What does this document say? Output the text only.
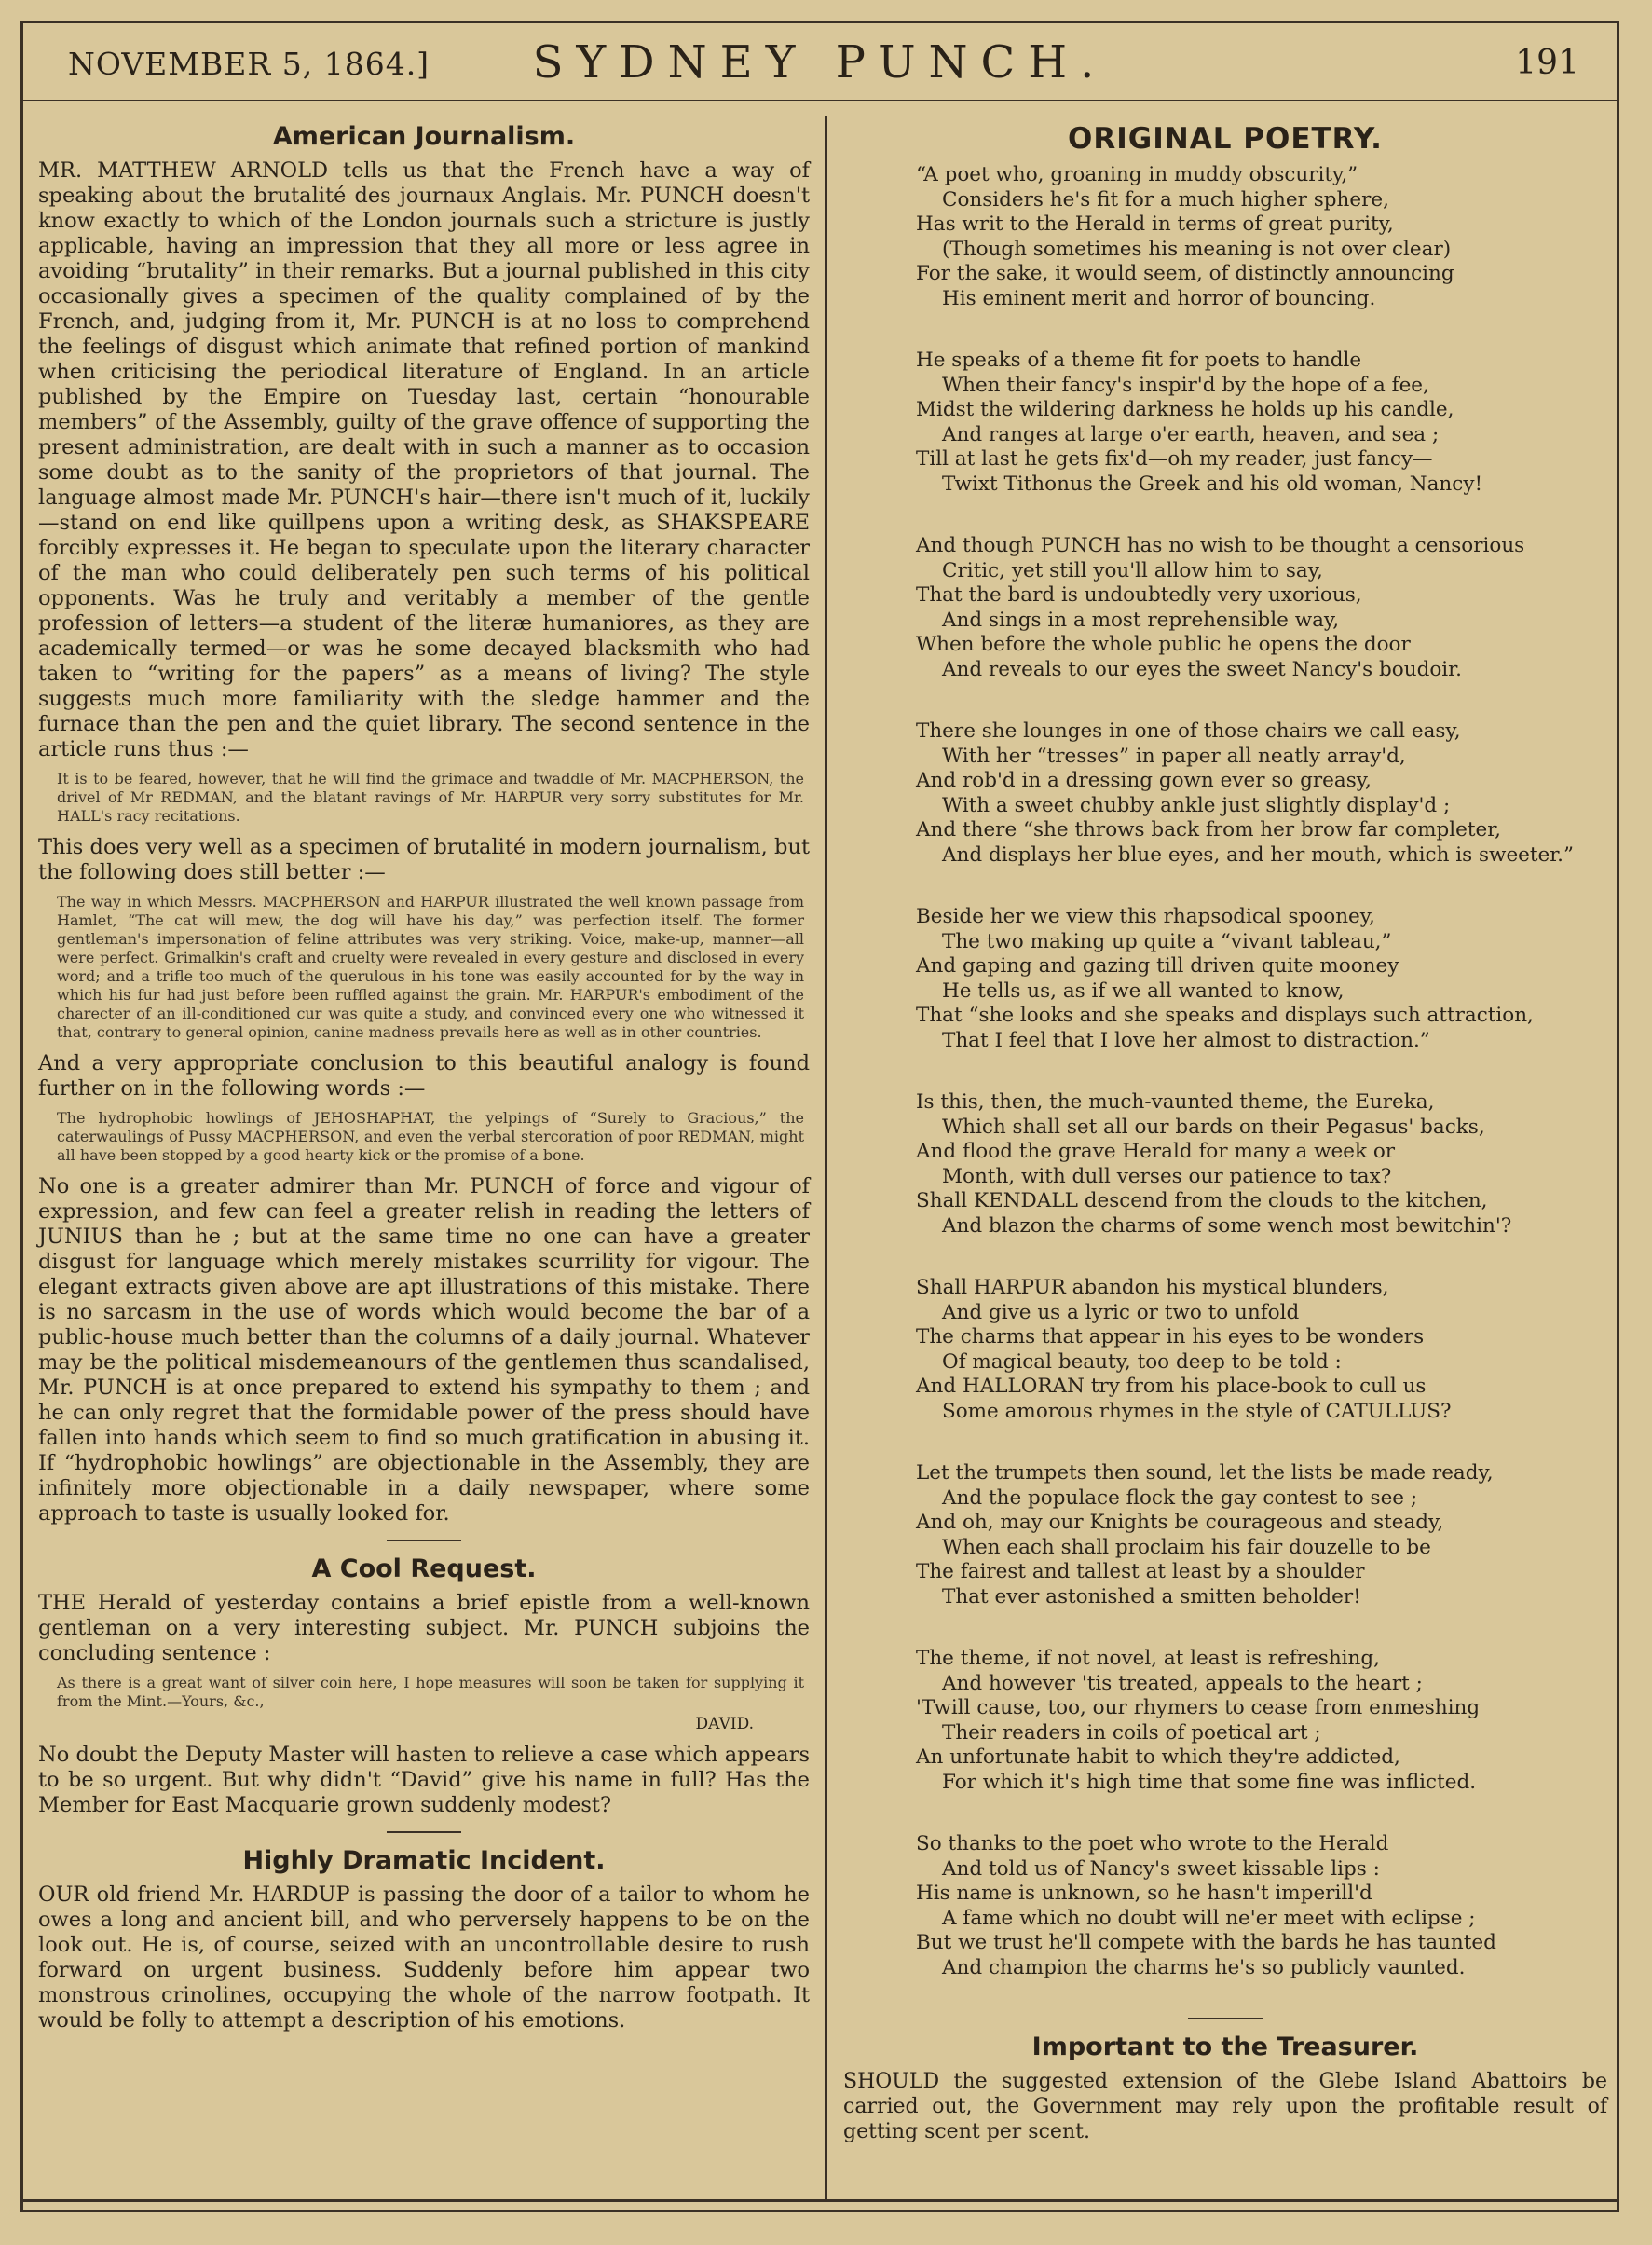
NOVEMBER 5, 1864.]	SYDNEY PUNCH.	191
American Journalism.

MR. MATTHEW ARNOLD tells us that the French have a way of speaking about the brutalité des journaux Anglais. Mr. PUNCH doesn't know exactly to which of the London journals such a stricture is justly applicable, having an impression that they all more or less agree in avoiding “brutality” in their remarks. But a journal published in this city occasionally gives a specimen of the quality complained of by the French, and, judging from it, Mr. PUNCH is at no loss to comprehend the feelings of disgust which animate that refined portion of mankind when criticising the periodical literature of England. In an article published by the Empire on Tuesday last, certain “honourable members” of the Assembly, guilty of the grave offence of supporting the present administration, are dealt with in such a manner as to occasion some doubt as to the sanity of the proprietors of that journal. The language almost made Mr. PUNCH's hair—there isn't much of it, luckily—stand on end like quillpens upon a writing desk, as SHAKSPEARE forcibly expresses it. He began to speculate upon the literary character of the man who could deliberately pen such terms of his political opponents. Was he truly and veritably a member of the gentle profession of letters—a student of the literæ humaniores, as they are academically termed—or was he some decayed blacksmith who had taken to “writing for the papers” as a means of living? The style suggests much more familiarity with the sledge hammer and the furnace than the pen and the quiet library. The second sentence in the article runs thus :—

It is to be feared, however, that he will find the grimace and twaddle of Mr. MACPHERSON, the drivel of Mr REDMAN, and the blatant ravings of Mr. HARPUR very sorry substitutes for Mr. HALL's racy recitations.

This does very well as a specimen of brutalité in modern journalism, but the following does still better :—

The way in which Messrs. MACPHERSON and HARPUR illustrated the well known passage from Hamlet, “The cat will mew, the dog will have his day,” was perfection itself. The former gentleman's impersonation of feline attributes was very striking. Voice, make-up, manner—all were perfect. Grimalkin's craft and cruelty were revealed in every gesture and disclosed in every word; and a trifle too much of the querulous in his tone was easily accounted for by the way in which his fur had just before been ruffled against the grain. Mr. HARPUR's embodiment of the charecter of an ill-conditioned cur was quite a study, and convinced every one who witnessed it that, contrary to general opinion, canine madness prevails here as well as in other countries.

And a very appropriate conclusion to this beautiful analogy is found further on in the following words :—

The hydrophobic howlings of JEHOSHAPHAT, the yelpings of “Surely to Gracious,” the caterwaulings of Pussy MACPHERSON, and even the verbal stercoration of poor REDMAN, might all have been stopped by a good hearty kick or the promise of a bone.

No one is a greater admirer than Mr. PUNCH of force and vigour of expression, and few can feel a greater relish in reading the letters of JUNIUS than he ; but at the same time no one can have a greater disgust for language which merely mistakes scurrility for vigour. The elegant extracts given above are apt illustrations of this mistake. There is no sarcasm in the use of words which would become the bar of a public-house much better than the columns of a daily journal. Whatever may be the political misdemeanours of the gentlemen thus scandalised, Mr. PUNCH is at once prepared to extend his sympathy to them ; and he can only regret that the formidable power of the press should have fallen into hands which seem to find so much gratification in abusing it. If “hydrophobic howlings” are objectionable in the Assembly, they are infinitely more objectionable in a daily newspaper, where some approach to taste is usually looked for.

A Cool Request.

THE Herald of yesterday contains a brief epistle from a well-known gentleman on a very interesting subject. Mr. PUNCH subjoins the concluding sentence :

As there is a great want of silver coin here, I hope measures will soon be taken for supplying it from the Mint.—Yours, &c.,

DAVID.

No doubt the Deputy Master will hasten to relieve a case which appears to be so urgent. But why didn't “David” give his name in full? Has the Member for East Macquarie grown suddenly modest?

Highly Dramatic Incident.

OUR old friend Mr. HARDUP is passing the door of a tailor to whom he owes a long and ancient bill, and who perversely happens to be on the look out. He is, of course, seized with an uncontrollable desire to rush forward on urgent business. Suddenly before him appear two monstrous crinolines, occupying the whole of the narrow footpath. It would be folly to attempt a description of his emotions.

ORIGINAL POETRY.
“A poet who, groaning in muddy obscurity,”
Considers he's fit for a much higher sphere,
Has writ to the Herald in terms of great purity,
(Though sometimes his meaning is not over clear)
For the sake, it would seem, of distinctly announcing
His eminent merit and horror of bouncing.
He speaks of a theme fit for poets to handle
When their fancy's inspir'd by the hope of a fee,
Midst the wildering darkness he holds up his candle,
And ranges at large o'er earth, heaven, and sea ;
Till at last he gets fix'd—oh my reader, just fancy—
Twixt Tithonus the Greek and his old woman, Nancy!
And though PUNCH has no wish to be thought a censorious
Critic, yet still you'll allow him to say,
That the bard is undoubtedly very uxorious,
And sings in a most reprehensible way,
When before the whole public he opens the door
And reveals to our eyes the sweet Nancy's boudoir.
There she lounges in one of those chairs we call easy,
With her “tresses” in paper all neatly array'd,
And rob'd in a dressing gown ever so greasy,
With a sweet chubby ankle just slightly display'd ;
And there “she throws back from her brow far completer,
And displays her blue eyes, and her mouth, which is sweeter.”
Beside her we view this rhapsodical spooney,
The two making up quite a “vivant tableau,”
And gaping and gazing till driven quite mooney
He tells us, as if we all wanted to know,
That “she looks and she speaks and displays such attraction,
That I feel that I love her almost to distraction.”
Is this, then, the much-vaunted theme, the Eureka,
Which shall set all our bards on their Pegasus' backs,
And flood the grave Herald for many a week or
Month, with dull verses our patience to tax?
Shall KENDALL descend from the clouds to the kitchen,
And blazon the charms of some wench most bewitchin'?
Shall HARPUR abandon his mystical blunders,
And give us a lyric or two to unfold
The charms that appear in his eyes to be wonders
Of magical beauty, too deep to be told :
And HALLORAN try from his place-book to cull us
Some amorous rhymes in the style of CATULLUS?
Let the trumpets then sound, let the lists be made ready,
And the populace flock the gay contest to see ;
And oh, may our Knights be courageous and steady,
When each shall proclaim his fair douzelle to be
The fairest and tallest at least by a shoulder
That ever astonished a smitten beholder!
The theme, if not novel, at least is refreshing,
And however 'tis treated, appeals to the heart ;
'Twill cause, too, our rhymers to cease from enmeshing
Their readers in coils of poetical art ;
An unfortunate habit to which they're addicted,
For which it's high time that some fine was inflicted.
So thanks to the poet who wrote to the Herald
And told us of Nancy's sweet kissable lips :
His name is unknown, so he hasn't imperill'd
A fame which no doubt will ne'er meet with eclipse ;
But we trust he'll compete with the bards he has taunted
And champion the charms he's so publicly vaunted.
Important to the Treasurer.

SHOULD the suggested extension of the Glebe Island Abattoirs be carried out, the Government may rely upon the profitable result of getting scent per scent.
